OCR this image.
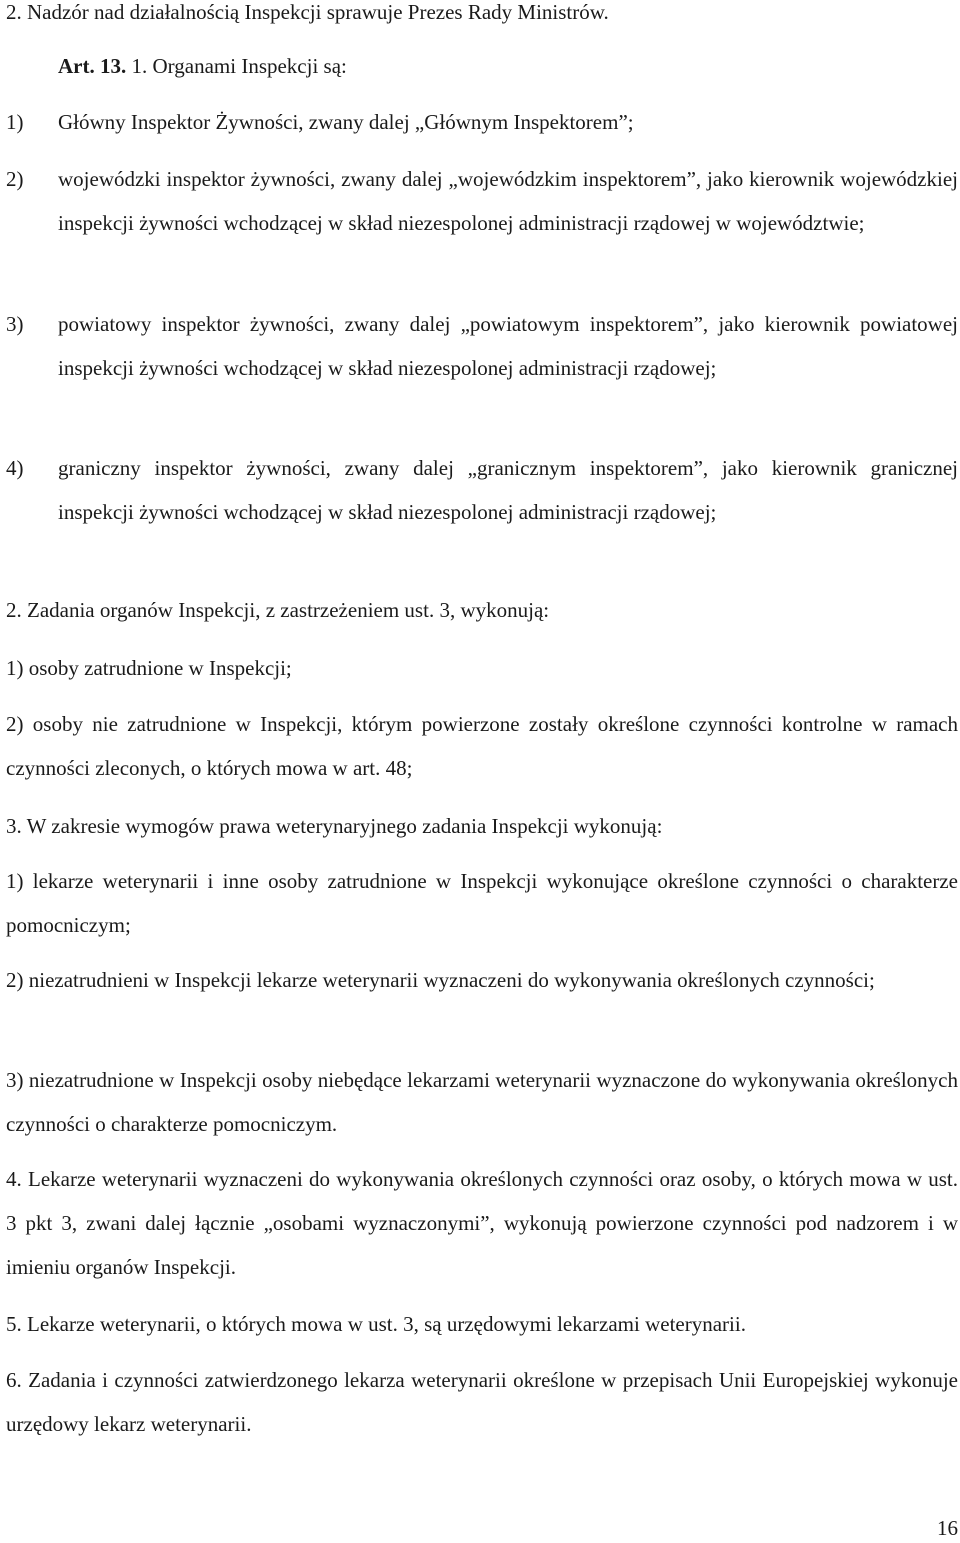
2. Nadzór nad działalnością Inspekcji sprawuje Prezes Rady Ministrów.

Art. 13. 1. Organami Inspekcji są:

1)	Główny Inspektor Żywności, zwany dalej „Głównym Inspektorem”;
2)	wojewódzki inspektor żywności, zwany dalej „wojewódzkim inspektorem”, jako kierownik wojewódzkiej inspekcji żywności wchodzącej w skład niezespolonej administracji rządowej w województwie;
3)	powiatowy inspektor żywności, zwany dalej „powiatowym inspektorem”, jako kierownik powiatowej inspekcji żywności wchodzącej w skład niezespolonej administracji rządowej;
4)	graniczny inspektor żywności, zwany dalej „granicznym inspektorem”, jako kierownik granicznej inspekcji żywności wchodzącej w skład niezespolonej administracji rządowej;

2. Zadania organów Inspekcji, z zastrzeżeniem ust. 3, wykonują:

1) osoby zatrudnione w Inspekcji;

2) osoby nie zatrudnione w Inspekcji, którym powierzone zostały określone czynności kontrolne w ramach czynności zleconych, o których mowa w art. 48;

3. W zakresie wymogów prawa weterynaryjnego zadania Inspekcji wykonują:

1) lekarze weterynarii i inne osoby zatrudnione w Inspekcji wykonujące określone czynności o charakterze pomocniczym;

2) niezatrudnieni w Inspekcji lekarze weterynarii wyznaczeni do wykonywania określonych czynności;

3) niezatrudnione w Inspekcji osoby niebędące lekarzami weterynarii wyznaczone do wykonywania określonych czynności o charakterze pomocniczym.

4. Lekarze weterynarii wyznaczeni do wykonywania określonych czynności oraz osoby, o których mowa w ust. 3 pkt 3, zwani dalej łącznie „osobami wyznaczonymi”, wykonują powierzone czynności pod nadzorem i w imieniu organów Inspekcji.

5. Lekarze weterynarii, o których mowa w ust. 3, są urzędowymi lekarzami weterynarii.

6. Zadania i czynności zatwierdzonego lekarza weterynarii określone w przepisach Unii Europejskiej wykonuje urzędowy lekarz weterynarii.

16
